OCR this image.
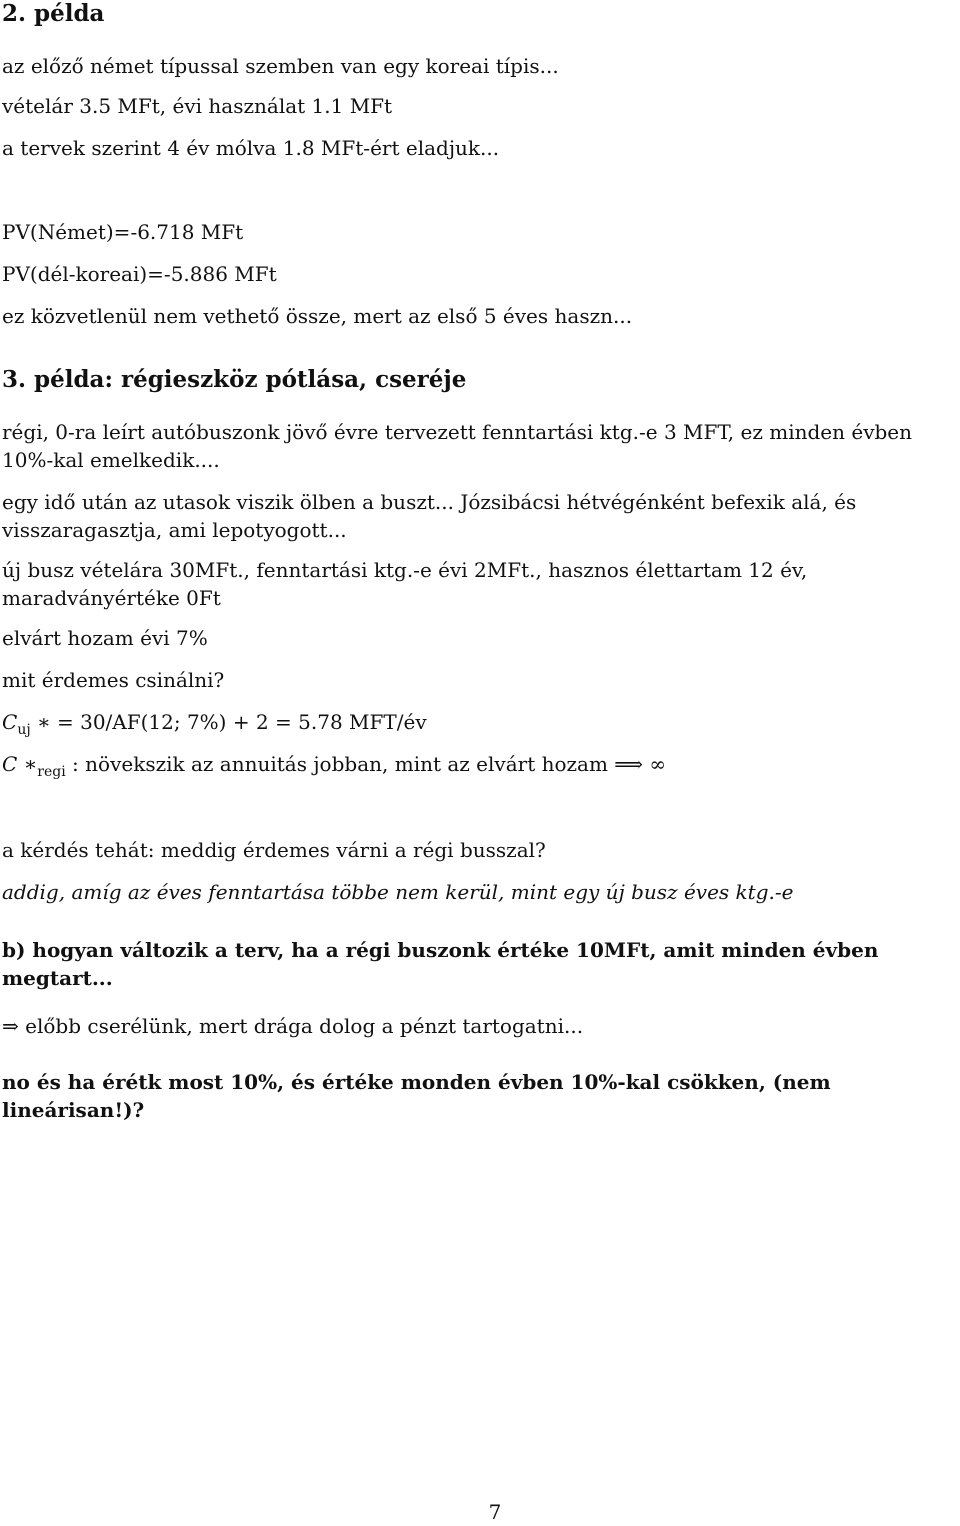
2. példa
az előző német típussal szemben van egy koreai típis...
vételár 3.5 MFt, évi használat 1.1 MFt
a tervek szerint 4 év mólva 1.8 MFt-ért eladjuk...
PV(Német)=-6.718 MFt
PV(dél-koreai)=-5.886 MFt
ez közvetlenül nem vethető össze, mert az első 5 éves haszn...
3. példa: régieszköz pótlása, cseréje
régi, 0-ra leírt autóbuszonk jövő évre tervezett fenntartási ktg.-e 3 MFT, ez minden évben 10%-kal emelkedik....
egy idő után az utasok viszik ölben a buszt... Józsibácsi hétvégénként befexik alá, és visszaragasztja, ami lepotyogott...
új busz vételára 30MFt., fenntartási ktg.-e évi 2MFt., hasznos élettartam 12 év, maradványértéke 0Ft
elvárt hozam évi 7%
mit érdemes csinálni?
$C_{uj}$ ∗ = 30/AF(12; 7%) + 2 = 5.78 MFT/év
C $∗_{regi}$ : növekszik az annuitás jobban, mint az elvárt hozam ⟹ ∞
a kérdés tehát: meddig érdemes várni a régi busszal?
addig, amíg az éves fenntartása többe nem kerül, mint egy új busz éves ktg.-e
b) hogyan változik a terv, ha a régi buszonk értéke 10MFt, amit minden évben megtart...
⇒ előbb cserélünk, mert drága dolog a pénzt tartogatni...
no és ha érétk most 10%, és értéke monden évben 10%-kal csökken, (nem lineárisan!)?
7
